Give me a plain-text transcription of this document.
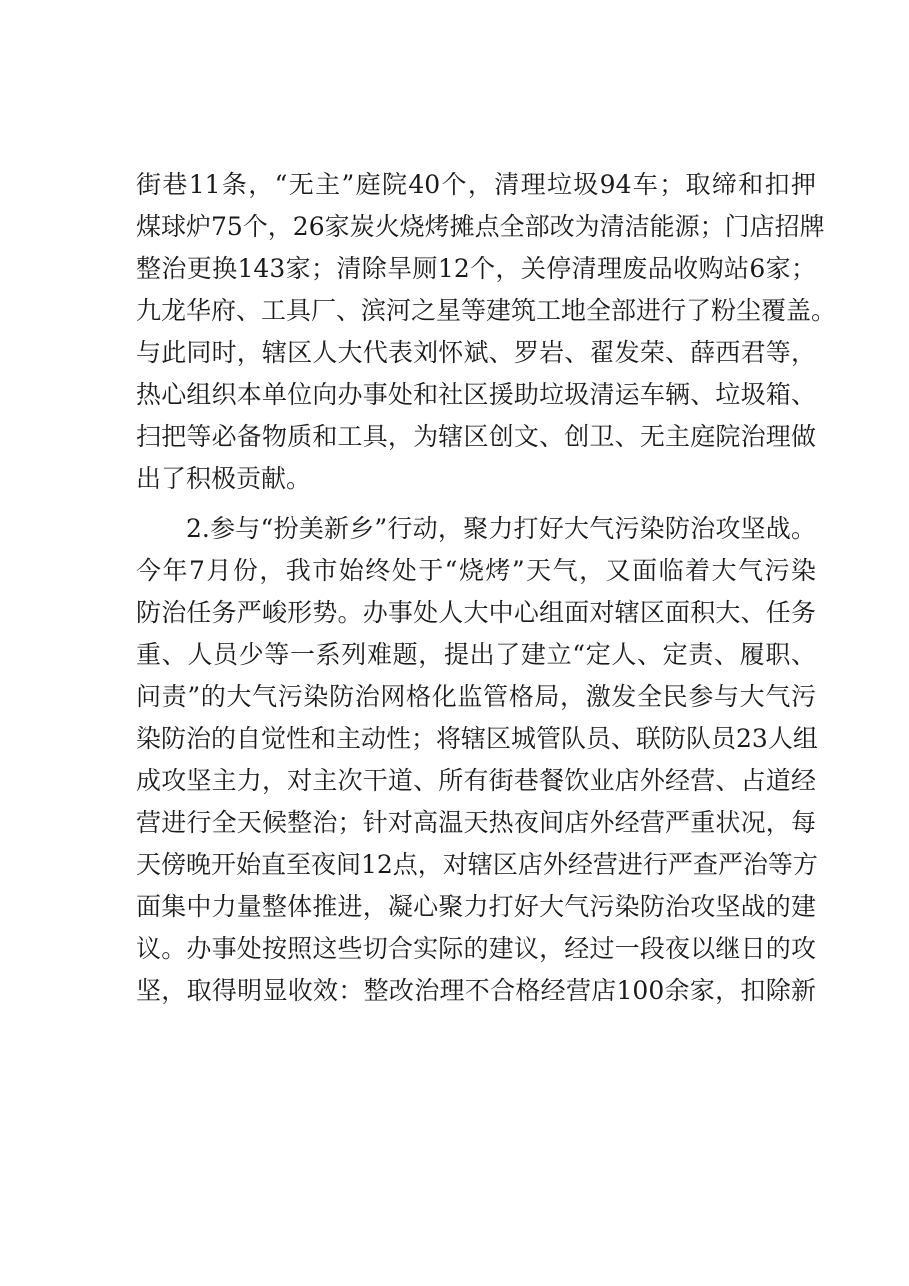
街巷11条，“无主”庭院40个，清理垃圾94车；取缔和扣押
煤球炉75个，26家炭火烧烤摊点全部改为清洁能源；门店招牌
整治更换143家；清除旱厕12个，关停清理废品收购站6家；
九龙华府、工具厂、滨河之星等建筑工地全部进行了粉尘覆盖。
与此同时，辖区人大代表刘怀斌、罗岩、翟发荣、薛西君等，
热心组织本单位向办事处和社区援助垃圾清运车辆、垃圾箱、
扫把等必备物质和工具，为辖区创文、创卫、无主庭院治理做
出了积极贡献。
2.参与“扮美新乡”行动，聚力打好大气污染防治攻坚战。
今年7月份，我市始终处于“烧烤”天气，又面临着大气污染
防治任务严峻形势。办事处人大中心组面对辖区面积大、任务
重、人员少等一系列难题，提出了建立“定人、定责、履职、
问责”的大气污染防治网格化监管格局，激发全民参与大气污
染防治的自觉性和主动性；将辖区城管队员、联防队员23人组
成攻坚主力，对主次干道、所有街巷餐饮业店外经营、占道经
营进行全天候整治；针对高温天热夜间店外经营严重状况，每
天傍晚开始直至夜间12点，对辖区店外经营进行严查严治等方
面集中力量整体推进，凝心聚力打好大气污染防治攻坚战的建
议。办事处按照这些切合实际的建议，经过一段夜以继日的攻
坚，取得明显收效：整改治理不合格经营店100余家，扣除新
